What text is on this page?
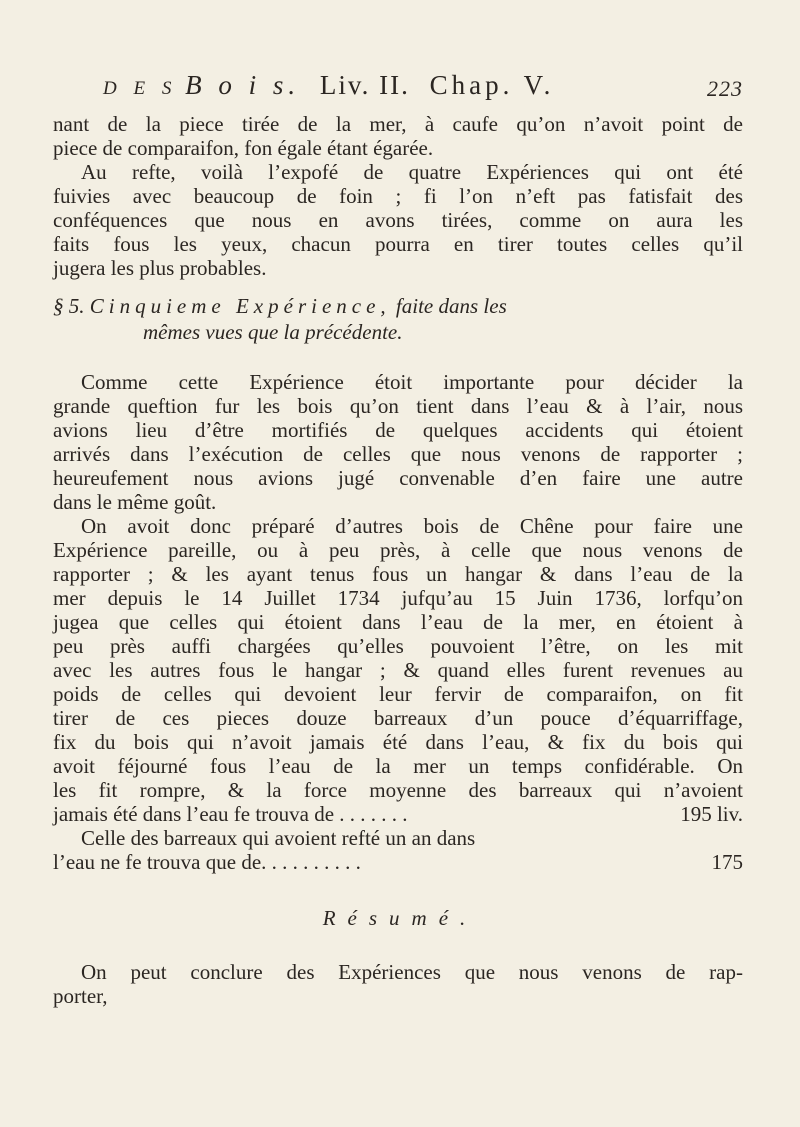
D E S B o i s. Liv. II. Chap. V.	223
nant de la piece tirée de la mer, à caufe qu’on n’avoit point de
piece de comparaifon, fon égale étant égarée.
Au refte, voilà l’expofé de quatre Expériences qui ont été
fuivies avec beaucoup de foin ; fi l’on n’eft pas fatisfait des
conféquences que nous en avons tirées, comme on aura les
§ 5. Cinquieme Expérience, faite dans les
mêmes vues que la précédente.
faits fous les yeux, chacun pourra en tirer toutes celles qu’il
jugera les plus probables.
Comme cette Expérience étoit importante pour décider la
grande queftion fur les bois qu’on tient dans l’eau & à l’air, nous
avions lieu d’être mortifiés de quelques accidents qui étoient
arrivés dans l’exécution de celles que nous venons de rapporter ;
heureufement nous avions jugé convenable d’en faire une autre
dans le même goût.
On avoit donc préparé d’autres bois de Chêne pour faire une
Expérience pareille, ou à peu près, à celle que nous venons de
rapporter ; & les ayant tenus fous un hangar & dans l’eau de la
mer depuis le 14 Juillet 1734 jufqu’au 15 Juin 1736, lorfqu’on
jugea que celles qui étoient dans l’eau de la mer, en étoient à
peu près auffi chargées qu’elles pouvoient l’être, on les mit
avec les autres fous le hangar ; & quand elles furent revenues au
poids de celles qui devoient leur fervir de comparaifon, on fit
tirer de ces pieces douze barreaux d’un pouce d’équarriffage,
fix du bois qui n’avoit jamais été dans l’eau, & fix du bois qui
avoit féjourné fous l’eau de la mer un temps confidérable. On
les fit rompre, & la force moyenne des barreaux qui n’avoient
jamais été dans l’eau fe trouva de . . . . . . .	195 liv.
Celle des barreaux qui avoient refté un an dans
l’eau ne fe trouva que de. . . . . . . . . .	175
Résumé.
On peut conclure des Expériences que nous venons de rap-
porter,
